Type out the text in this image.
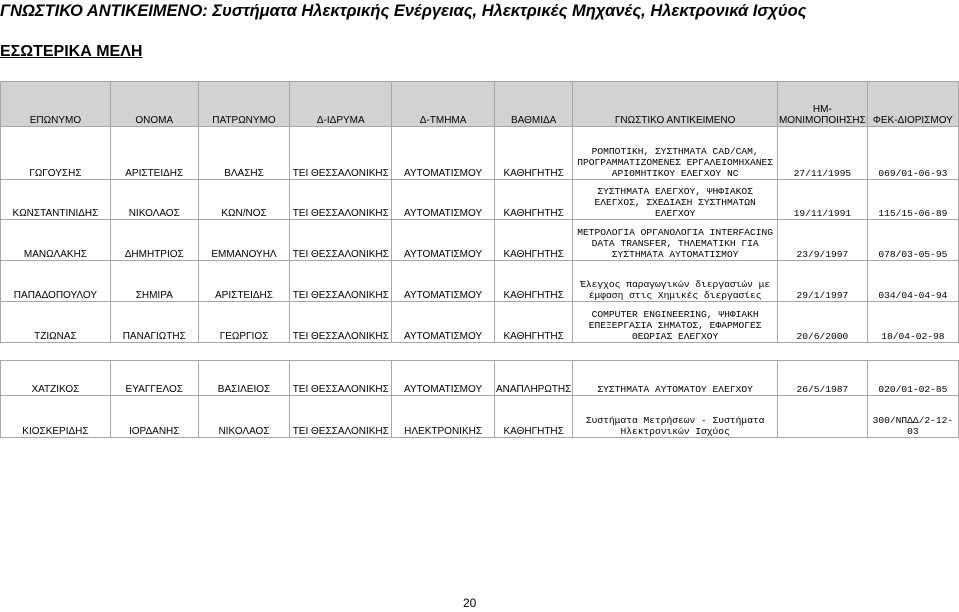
ΓΝΩΣΤΙΚΟ ΑΝΤΙΚΕΙΜΕΝΟ: Συστήματα Ηλεκτρικής Ενέργειας, Ηλεκτρικές Μηχανές, Ηλεκτρονικά Ισχύος
ΕΣΩΤΕΡΙΚΑ ΜΕΛΗ
ΕΠΩΝΥΜΟ	ΟΝΟΜΑ	ΠΑΤΡΩΝΥΜΟ	Δ-ΙΔΡΥΜΑ	Δ-ΤΜΗΜΑ	ΒΑΘΜΙΔΑ	ΓΝΩΣΤΙΚΟ ΑΝΤΙΚΕΙΜΕΝΟ	ΗΜ-ΜΟΝΙΜΟΠΟΙΗΣΗΣ	ΦΕΚ-ΔΙΟΡΙΣΜΟΥ
ΓΩΓΟΥΣΗΣ	ΑΡΙΣΤΕΙΔΗΣ	ΒΛΑΣΗΣ	ΤΕΙ ΘΕΣΣΑΛΟΝΙΚΗΣ	ΑΥΤΟΜΑΤΙΣΜΟΥ	ΚΑΘΗΓΗΤΗΣ	ΡΟΜΠΟΤΙΚΗ, ΣΥΣΤΗΜΑΤΑ CAD/CAM, ΠΡΟΓΡΑΜΜΑΤΙΖΟΜΕΝΕΣ ΕΡΓΑΛΕΙΟΜΗΧΑΝΕΣ ΑΡΙΘΜΗΤΙΚΟΥ ΕΛΕΓΧΟΥ NC	27/11/1995	069/01-06-93
ΚΩΝΣΤΑΝΤΙΝΙΔΗΣ	ΝΙΚΟΛΑΟΣ	ΚΩΝ/ΝΟΣ	ΤΕΙ ΘΕΣΣΑΛΟΝΙΚΗΣ	ΑΥΤΟΜΑΤΙΣΜΟΥ	ΚΑΘΗΓΗΤΗΣ	ΣΥΣΤΗΜΑΤΑ ΕΛΕΓΧΟΥ, ΨΗΦΙΑΚΟΣ ΕΛΕΓΧΟΣ, ΣΧΕΔΙΑΣΗ ΣΥΣΤΗΜΑΤΩΝ ΕΛΕΓΧΟΥ	19/11/1991	115/15-06-89
ΜΑΝΩΛΑΚΗΣ	ΔΗΜΗΤΡΙΟΣ	ΕΜΜΑΝΟΥΗΛ	ΤΕΙ ΘΕΣΣΑΛΟΝΙΚΗΣ	ΑΥΤΟΜΑΤΙΣΜΟΥ	ΚΑΘΗΓΗΤΗΣ	ΜΕΤΡΟΛΟΓΙΑ ΟΡΓΑΝΟΛΟΓΙΑ INTERFACING DATA TRANSFER, ΤΗΛΕΜΑΤΙΚΗ ΓΙΑ ΣΥΣΤΗΜΑΤΑ ΑΥΤΟΜΑΤΙΣΜΟΥ	23/9/1997	078/03-05-95
ΠΑΠΑΔΟΠΟΥΛΟΥ	ΣΗΜΙΡΑ	ΑΡΙΣΤΕΙΔΗΣ	ΤΕΙ ΘΕΣΣΑΛΟΝΙΚΗΣ	ΑΥΤΟΜΑΤΙΣΜΟΥ	ΚΑΘΗΓΗΤΗΣ	Έλεγχος παραγωγικών διεργασιών με έμφαση στις Χημικές διεργασίες	29/1/1997	034/04-04-94
ΤΖΙΩΝΑΣ	ΠΑΝΑΓΙΩΤΗΣ	ΓΕΩΡΓΙΟΣ	ΤΕΙ ΘΕΣΣΑΛΟΝΙΚΗΣ	ΑΥΤΟΜΑΤΙΣΜΟΥ	ΚΑΘΗΓΗΤΗΣ	COMPUTER ENGINEERING, ΨΗΦΙΑΚΗ ΕΠΕΞΕΡΓΑΣΙΑ ΣΗΜΑΤΟΣ, ΕΦΑΡΜΟΓΕΣ ΘΕΩΡΙΑΣ ΕΛΕΓΧΟΥ	20/6/2000	18/04-02-98

ΧΑΤΖΙΚΟΣ	ΕΥΑΓΓΕΛΟΣ	ΒΑΣΙΛΕΙΟΣ	ΤΕΙ ΘΕΣΣΑΛΟΝΙΚΗΣ	ΑΥΤΟΜΑΤΙΣΜΟΥ	ΑΝΑΠΛΗΡΩΤΗΣ	ΣΥΣΤΗΜΑΤΑ ΑΥΤΟΜΑΤΟΥ ΕΛΕΓΧΟΥ	26/5/1987	020/01-02-85
ΚΙΟΣΚΕΡΙΔΗΣ	ΙΟΡΔΑΝΗΣ	ΝΙΚΟΛΑΟΣ	ΤΕΙ ΘΕΣΣΑΛΟΝΙΚΗΣ	ΗΛΕΚΤΡΟΝΙΚΗΣ	ΚΑΘΗΓΗΤΗΣ	Συστήματα Μετρήσεων - Συστήματα Ηλεκτρονικών Ισχύος		300/ΝΠΔΔ/2-12-03
20
